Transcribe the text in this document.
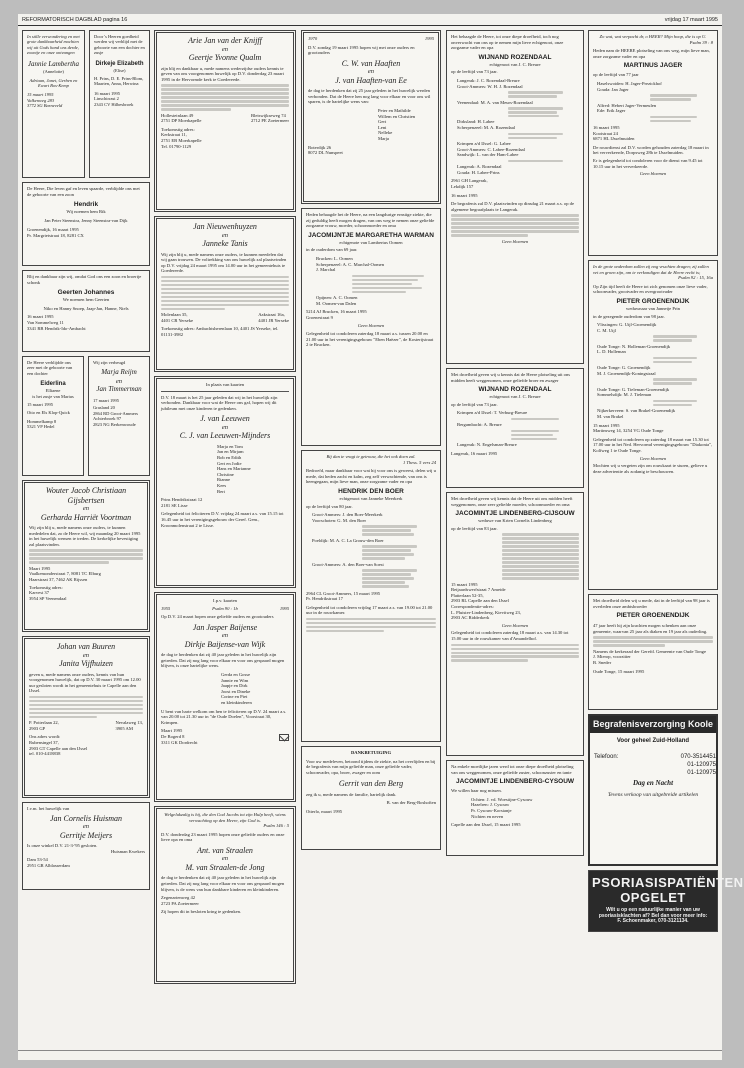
REFORMATORISCH DAGBLAD pagina 16	vrijdag 17 maart 1995
In stille verwondering en met grote dankbaarheid mochten wij uit Gods hand ons derde, zoontje en onze ontvangen
Jannie Lambertha
(Annelotte)
Adriaan, Janet, Gerben en Ewart Bos-Kemp
15 maart 1995
Valkenweg 283
3772 SG Barneveld
Door 's Heeren goedheid werden wij verblijd met de geboorte van een dochter en zusje
Dirkeje Elizabeth
(Elise)
H. Prins, D. E. Prins-Blom, Maarten, Anna, Herwina
16 maart 1995
Linschirrast 2
2343 CV Hilbesbroek
De Heere, Die leven gaf en leven spaarde, verblijdde ons met de geboorte van een zoon
Hendrik
Wij noemen hem Rik
Jan Peter Steenstra, Jenny Steenstra-van Dijk
Groenendijk, 16 maart 1995
Pr. Margrietstraat 18, 8281 CX
Blij en dankbaar zijn wij, omdat God ons een zoon en broertje schonk
Geerten Johannes
We noemen hem Geerten
Niko en Hanny Snoep, Jaap-Jan, Hanne, Niels
16 maart 1995
Van Sommelweg 11
3341 RB Hendrik-Ido-Ambacht
De Heere verblijdde ons zeer met de geboorte van een dochter
Eiderlina
Elliaene
is het zusje van Marius
15 maart 1995
Otto en Els Klop-Quick
Hommelkamp 8
5321 VP Hedel
Wij zijn verheugd
Marja Reijm
en
Jan Timmerman
17 maart 1995
Grasland 20
2864 RD Groot-Ammers
Achterbroek 97
2823 NG Berkenwoude
Wouter Jacob Christiaan Gijsbertsen
en
Gerharda Harriët Voortman
Wij zijn blij u, mede namens onze ouders, te kunnen mededelen dat, zo de Heere wil, wij maandag 20 maart 1995 in het huwelijk wensen te treden. De kerkelijke bevestiging zal plaatsvinden.
Maart 1995
Vaalkemonderstraat 7, 8081 TC Elburg
Haarstraat 37, 7462 AK Rijssen
Toekomstig adres:
Karvest 37
3954 SP Veenendaal
Johan van Buuren
en
Janita Vijfhuizen
geven u, mede namens onze ouders, kennis van hun voorgenomen huwelijk, dat op D.V. 30 maart 1995 om 12.00 uur gesloten wordt in het gemeentehuis te Capelle aan den IJssel.
P. Potterlaan 22,
2903 GP
Nevalaweg 13,
3905 AM
Ons adres wordt:
Rubensingel 37,
2903 GT Capelle aan den IJssel
tel. 010-4418838
I.v.m. het huwelijk van
Jan Cornelis Huisman
en
Gerritje Meijers
Is onze winkel D.V. 21-3-'95 gesloten.
Huisman Kwekers
Dam 53-54
2951 GR Alblasserdam
Arie Jan van der Knijff
en
Geertje Yvonne Qualm
zijn blij en dankbaar u, mede namens wederzijdse ouders kennis te geven van ons voorgenomen huwelijk op D.V. donderdag 23 maart 1995 in de Hervormde kerk te Goedereede.
Hollesteinlaan 49
2751 DP Moerkapelle
Bleiswijkseweg 74
2712 PE Zoetermeer
Toekomstig adres:
Kerkstraat 11,
2751 EB Moerkapelle
Tel. 01790-1129
Jan Nieuwenhuyzen
en
Janneke Tanis
Wij zijn blij u, mede namens onze ouders, te kunnen meedelen dat wij gaan trouwen. De voltrekking van ons huwelijk zal plaatsvinden op D.V. vrijdag 24 maart 1995 om 14.00 uur in het gemeentehuis te Goedereede.
Molenlaan 35,
4401 CR Yerseke
Aakstraat 16a,
4401 JR Yerseke
Toekomstig adres: Ambachtsherenlaan 10, 4401 JS Yerseke, tel. 01131-3982
In plaats van kaarten
D.V. 18 maart is het 25 jaar geleden dat wij in het huwelijk zijn verbonden. Dankbaar voor wat de Heere ons gaf, hopen wij dit jubileum met onze kinderen te gedenken.
J. van Leeuwen
en
C. J. van Leeuwen-Mijnders
Marja en Tom
Jan en Mirjam
Bob en Edith
Gert en Jodie
Hans en Marianne
Christine
Rianne
Kees
Bert
Prins Hendrikstraat 12
2181 SE Lisse
Gelegenheid tot feliciteren D.V. vrijdag 24 maart a.s. van 15.15 tot 16.45 uur in het verenigingsgebouw der Geref. Gem., Kroonmolenstraat 2 te Lisse.
I.p.v. kaarten
1955	Psalm 90 : 1b	1995
Op D.V. 24 maart hopen onze geliefde ouders en grootouders
Jan Jasper Baijense
en
Dirkje Baijense-van Wijk
de dag te herdenken dat zij 40 jaar geleden in het huwelijk zijn getreden. Dat zij nog lang voor elkaar en voor ons gespaard mogen blijven, is onze hartelijke wens.
Gerda en Gosse
Jannie en Wim
Jaapje en Dirk
Joost en Dineke
Corine en Piet
en kleinkinderen
U bent van harte welkom om hen te feliciteren op D.V. 24 maart a.s. van 20.00 tot 21.30 uur in "de Oude Doelen", Voorstraat 30, Krimpen.
Maart 1995
De Bogerd 8
3311 GK Dordrecht
Welgelukzalig is hij, die den God Jacobs tot zijn Hulp heeft, wiens verwachting op den Heere, zijn God is.
Psalm 146 : 5
D.V. donderdag 23 maart 1995 hopen onze geliefde ouders en onze lieve opa en oma
Ant. van Straalen
en
M. van Straalen-de Jong
de dag te herdenken dat zij 40 jaar geleden in het huwelijk zijn getreden. Dat zij nog lang voor elkaar en voor ons gespaard mogen blijven, is de wens van hun dankbare kinderen en kleinkinderen.
Zegenartenweg 42
2723 PA Zoetermeer
Zij hopen dit in besloten kring te gedenken.
1970	1995
D.V. zondag 19 maart 1995 hopen wij met onze ouders en grootouders
C. W. van Haaften
en
J. van Haaften-van Ee
de dag te herdenken dat zij 25 jaar geleden in het huwelijk werden verbonden. Dat de Heere hen nog lang voor elkaar en voor ons wil sparen, is de hartelijke wens van:
Peter en Mathilde
Willem en Christien
Gert
Leni
Nelleke
Marja
Boterdijk 26
8072 DL Nunspeet
Heden behaagde het de Heere, na een langdurige ernstige ziekte, die zij geduldig heeft mogen dragen, van ons weg te nemen onze geliefde zorgzame vrouw, moeder, schoonmoeder en oma
JACOMIJNTJE MARGARETHA WARMAN
echtgenote van Lambertus Oomen
in de ouderdom van 69 jaar.
Brucken: L. Oomen
Scherpenzeel: A. C. Marchal-Oomen
J. Marchal
Opijnen: A. C. Oomen
M. Oomen-van Dalen
5214 AJ Brucken, 16 maart 1995
Groenestraat 9
Geen bloemen
Gelegenheid tot condoleren zaterdag 18 maart a.s. tussen 20.00 en 21.00 uur in het verenigingsgebouw "Eben Haëzer", de Kosterijstraat 2 te Brucken.
Bij dan te vragt te getrouw, die het ook doen zal.
1 Thess. 5 vers 24
Bedroefd, maar dankbaar voor wat hij voor ons is geweest, delen wij u mede, dat heden zacht en kalm, zeg zelf verwachtende, van ons is heengegaan, mijn lieve man, onze zorgzame vader en opa
HENDRIK DEN BOER
echtgenoot van Janneke Meerkerk
op de leeftijd van 80 jaar.
Groot-Ammers: J. den Boer-Meerkerk
Voorschoten: G. M. den Boer
Poeldijk: M. A. C. La Grouw-den Boer
Groot-Ammers: A. den Boer-van Soest
2964 CL Groot-Ammers, 15 maart 1995
Pr. Hendrikstraat 17
Gelegenheid tot condoleren vrijdag 17 maart a.s. van 19.00 tot 21.00 uur in de rouwkamer.
DANKBETUIGING
Voor uw medeleven, betoond tijdens de ziekte, na het overlijden en bij de begrafenis van mijn geliefde man, onze geliefde vader, schoonvader, opa, broer, zwager en oom
Gerrit van den Berg
zeg ik u, mede namens de familie, hartelijk dank.
B. van der Berg-Boshoften
Otterlo, maart 1995
Het behaagde de Heere, tot onze diepe droefheid, toch nog onverwacht van ons op te nemen mijn lieve echtgenoot, onze zorgzame vader en opa
WIJNAND ROZENDAAL
echtgenoot van J. C. Breure
op de leeftijd van 73 jaar.
Langerak: J. C. Rozendaal-Breure
Groot-Ammers: W. H. J. Rozendaal
Veenendaal: M. A. van Meurs-Rozendaal
Dirksland: H. Labee
Scherpenzeel: M. A. Rozendaal
Krimpen a/d IJssel: G. Labee
Groot-Ammers: C. Labee-Rozendaal
Sandwijk: L. van der Ham-Labee
Langerak: A. Rozendaal
Gouda: H. Labee-Prins
2961 GH Langerak,
Lekdijk 157
16 maart 1995
De begrafenis zal D.V. plaatsvinden op dinsdag 21 maart a.s. op de algemene begraafplaats te Langerak.
Geen bloemen
Met droefheid geven wij u kennis dat de Heere plotseling uit ons midden heeft weggenomen, onze geliefde broer en zwager
WIJNAND ROZENDAAL
echtgenoot van J. C. Breure
op de leeftijd van 73 jaar.
Krimpen a/d IJssel: T. Verburg-Breure
Bergambacht: A. Breure
Langerak: N. Engelsman-Breure
Langerak, 16 maart 1995
Met droefheid geven wij kennis dat de Heere uit ons midden heeft weggenomen, onze zeer geliefde moeder, schoonmoeder en oma
JACOMINTJE LINDENBERG-CIJSOUW
weduwe van Krien Cornelis Lindenberg
op de leeftijd van 83 jaar.
15 maart 1995
Beijaardswerfstraat 7 Ameide
Platterlaan 52-35,
2903 RL Capelle aan den IJssel
Correspondentie-adres:
L. Pluister-Lindenberg, Kievitweg 23,
2903 AC Ridderkerk
Geen bloemen
Gelegenheid tot condoleren zaterdag 18 maart a.s. van 14.30 tot 15.00 uur in de rouwkamer van d'Amandelhof.
Na enkele moeilijke jaren werd tot onze diepe droefheid plotseling van ons weggenomen, onze geliefde zuster, schoonzuster en tante
JACOMINTJE LINDENBERG-CYSOUW
We willen haar nog missen.
Ochten: J. vd. Woestijne-Cysouw
Hazelren: J. Cysouw
Pr. Cysouw-Korstanje
Nichten en neven
Capelle aan den IJssel, 15 maart 1995
Zo wat, wat verpacht dr, o HEER? Mijn hoop, die is op U.
Psalm 39 : 8
Heden nam de HEERE plotseling van ons weg, mijn lieve man, onze zorgzame vader en opa
MARTINUS JAGER
op de leeftijd van 77 jaar
Haselswoiden: H. Jager-Prezickhof
Gouda: Jan Jager
Alfred: Hebert Jager-Vermeulen
Ede: Erik Jager
16 maart 1995
Kooistraat 24
6871 HL IJsselmuiden
De rouwdienst zal D.V. worden gehouden zaterdag 18 maart in het ververkeerde, Dorpsweg 28b te IJsselmuiden.
Er is gelegenheid tot condoleren voor de dienst van 9.45 tot 10.15 uur in het ververkeerde.
Geen bloemen
In de grote onderdom zullen zij nog vruchten dragen; zij zullen vet en groen zijn, om te verkondigen dat de Heere recht is;
Psalm 92 : 15, 16a
Op Zijn tijd heeft de Heere tot zich genomen onze lieve vader, schoonvader, grootvader en overgrootvader
PIETER GROENENDIJK
weduwnaar van Jannetje Prin
in de gezegende ouderdom van 98 jaar.
Vlissingen: G. Uijl-Groenendijk
C. M. Uijl
Oude Tonge: N. Holleman-Groenendijk
L. D. Holleman
Oude Tonge: G. Groenendijk
M. J. Groenendijk-Koningstraal
Oude Tonge: G. Tieleman-Groenendijk
Sommelsdijk: M. J. Tieleman
Nijkerkerveen: S. van Brakel-Groenendijk
M. van Brakel
15 maart 1995
Martinsweg 14, 3254 VG Oude Tonge
Gelegenheid tot condoleren op zaterdag 18 maart van 15.30 tot 17.00 uur in het Ned. Hervormd verenigingsgebouw "Diakonia", Kolfweg 1 te Oude Tonge.
Geen bloemen
Mochten wij u vergeten zijn om rouwkaart te sturen, gelieve u deze advertentie als zodanig te beschouwen.
Met droefheid delen wij u mede, dat in de leeftijd van 98 jaar is overleden onze ambtsbroeder
PIETER GROENENDIJK
47 jaar heeft hij zijn krachten mogen schenken aan onze gemeente, waarvan 25 jaar als diaken en 19 jaar als ouderling.
Namens de kerkeraad der Gerefd. Gemeente van Oude Tonge
J. Mierop, voorzitter
B. Sneder
Oude Tonge, 15 maart 1995
Begrafenisverzorging Koole
Voor geheel Zuid-Holland
Telefoon:	070-3514451
01-120975
01-120975
Dag en Nacht
Tevens verkoop van uitgebreide artikelen
PSORIASISPATIËNTEN
OPGELET
Wilt u op een natuurlijke manier van uw psoriasisklachten af? Bel dan voor meer info:
F. Schoenmaker, 070-3121134.
